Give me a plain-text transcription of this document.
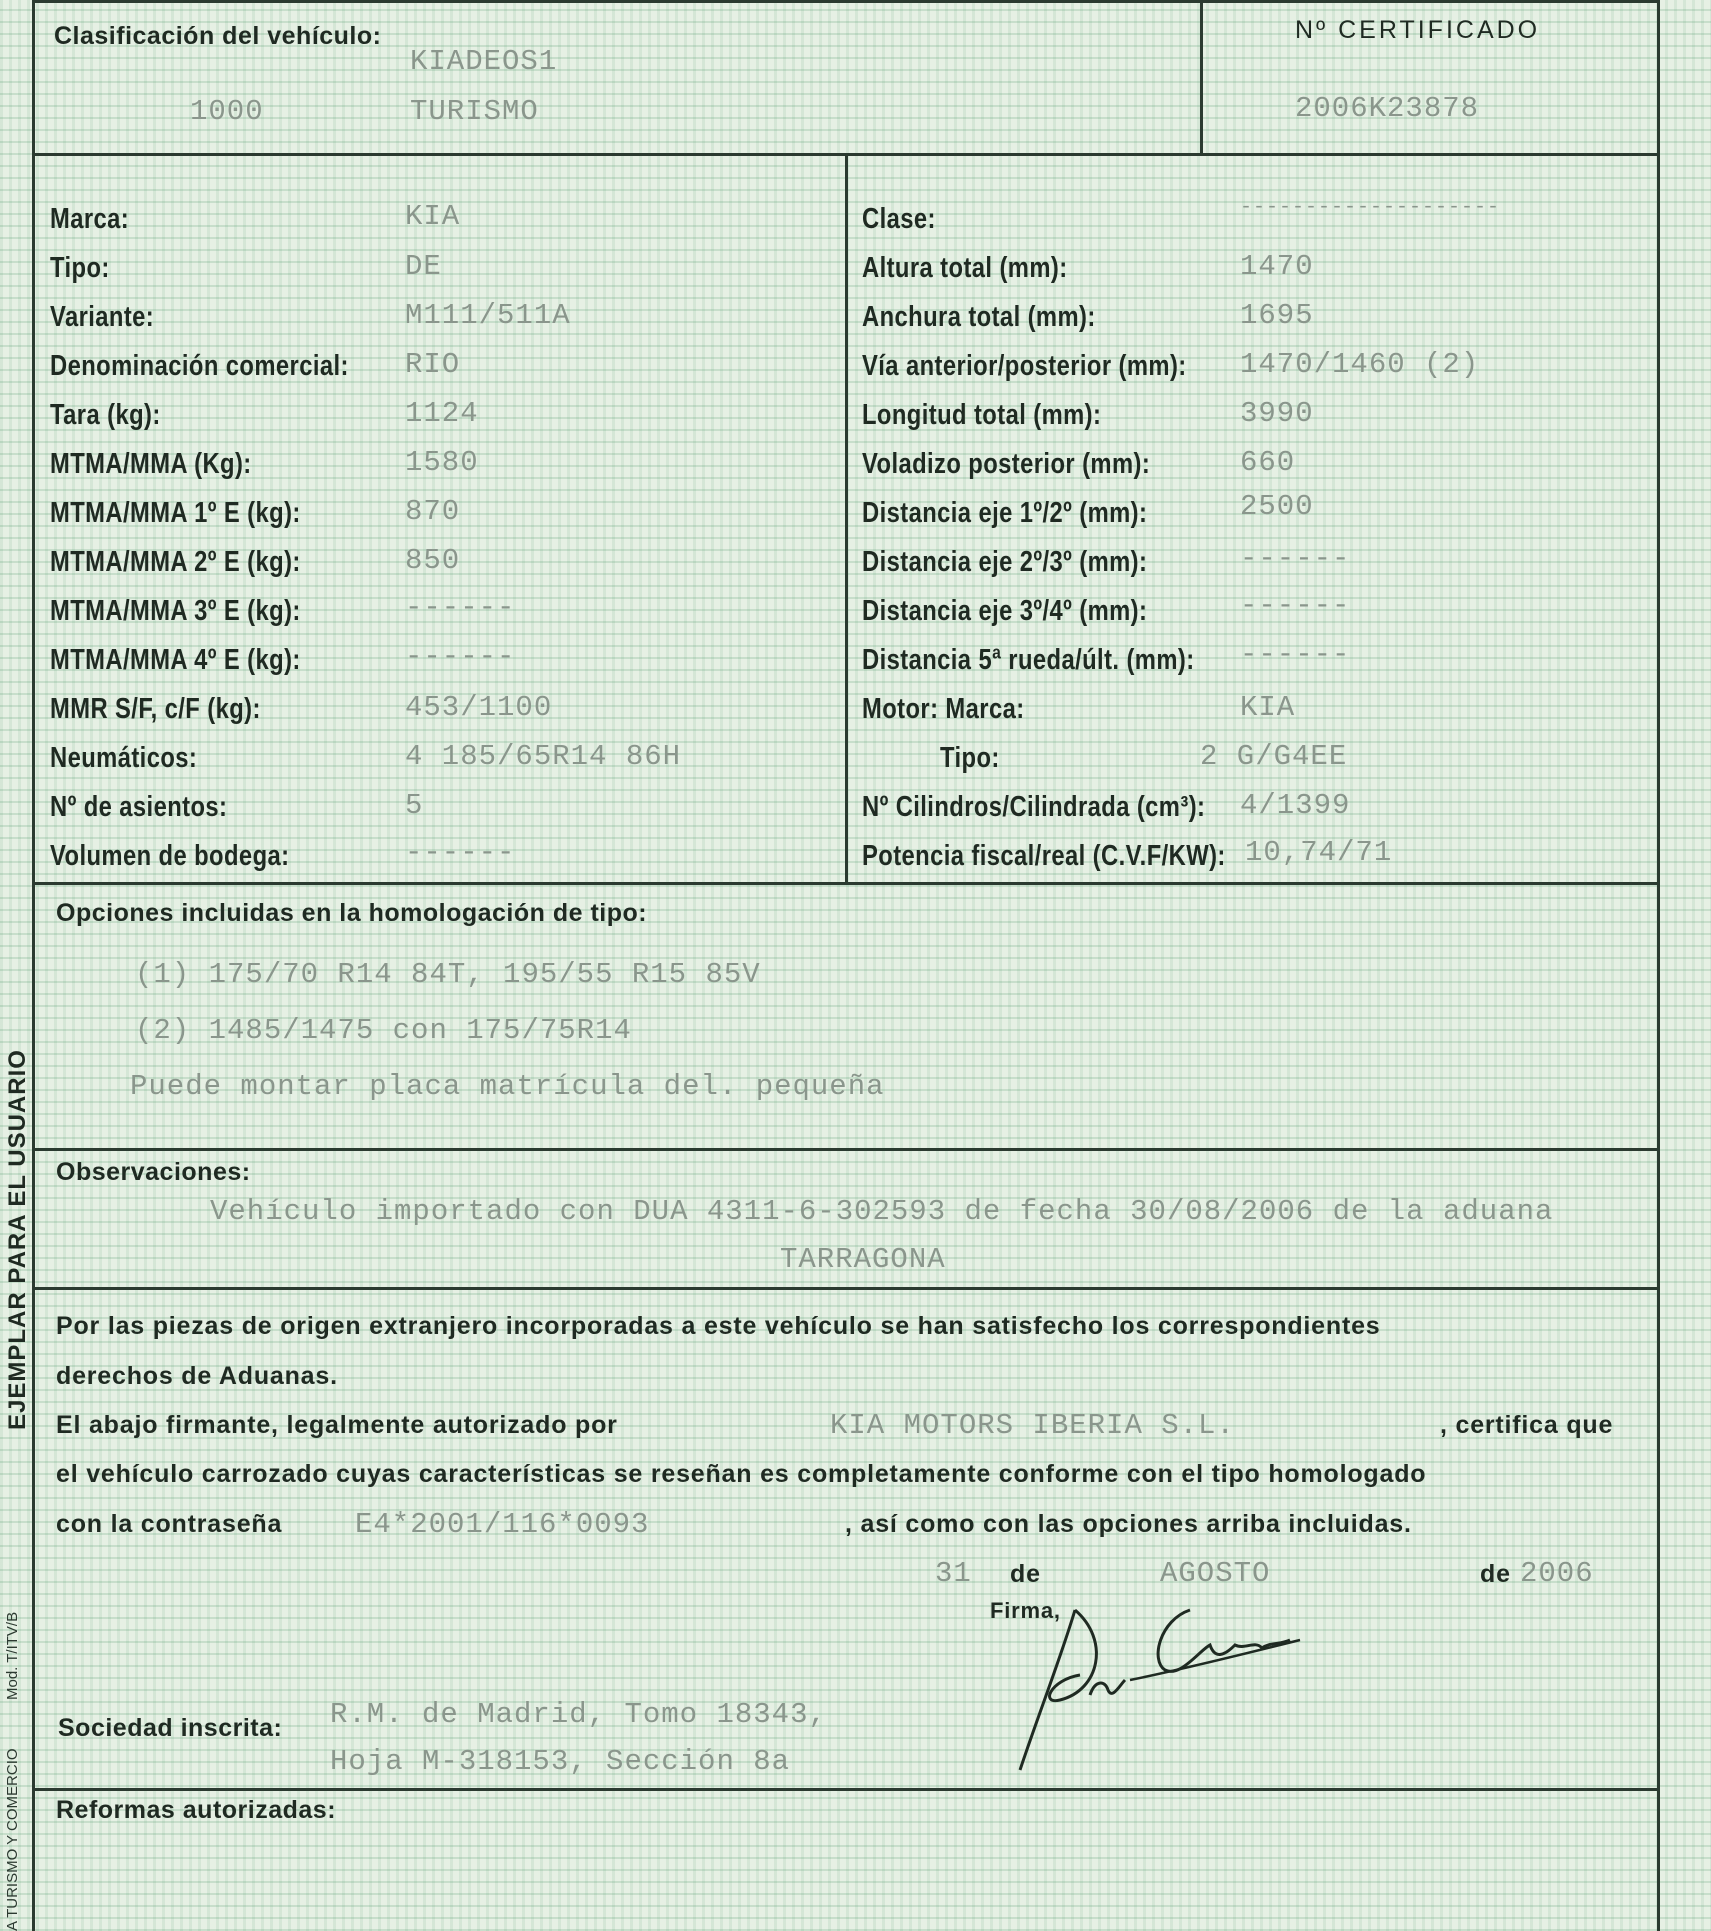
EJEMPLAR PARA EL USUARIO
Mod. T/ITV/B
A TURISMO Y COMERCIO
Clasificación del vehículo:
KIADEOS1
1000	TURISMO
Nº CERTIFICADO
2006K23878
Marca:	KIA
Tipo:	DE
Variante:	M111/511A
Denominación comercial: RIO
Tara (kg):	1124
MTMA/MMA (Kg):	1580
MTMA/MMA 1º E (kg):	870
MTMA/MMA 2º E (kg):	850
MTMA/MMA 3º E (kg):	------
MTMA/MMA 4º E (kg):	------
MMR S/F, c/F (kg):	453/1100
Neumáticos:	4 185/65R14 86H
Nº de asientos:	5
Volumen de bodega:	------
Clase:	--------------------
Altura total (mm):	1470
Anchura total (mm):	1695
Vía anterior/posterior (mm): 1470/1460 (2)
Longitud total (mm):	3990
Voladizo posterior (mm):	660
Distancia eje 1º/2º (mm):	2500
Distancia eje 2º/3º (mm):	------
Distancia eje 3º/4º (mm):	------
Distancia 5ª rueda/últ. (mm): ------
Motor: Marca:	KIA
Tipo:	2 G/G4EE
Nº Cilindros/Cilindrada (cm³): 4/1399
Potencia fiscal/real (C.V.F/KW): 10,74/71
Opciones incluidas en la homologación de tipo:
(1) 175/70 R14 84T, 195/55 R15 85V
(2) 1485/1475 con 175/75R14
Puede montar placa matrícula del. pequeña
Observaciones:
Vehículo importado con DUA 4311-6-302593 de fecha 30/08/2006 de la aduana
TARRAGONA
Por las piezas de origen extranjero incorporadas a este vehículo se han satisfecho los correspondientes
derechos de Aduanas.
El abajo firmante, legalmente autorizado por	KIA MOTORS IBERIA S.L.	, certifica que
el vehículo carrozado cuyas características se reseñan es completamente conforme con el tipo homologado
con la contraseña	E4*2001/116*0093	, así como con las opciones arriba incluidas.
31 de	AGOSTO	de 2006
Firma,
Sociedad inscrita: R.M. de Madrid, Tomo 18343,
Hoja M-318153, Sección 8a
Reformas autorizadas:
